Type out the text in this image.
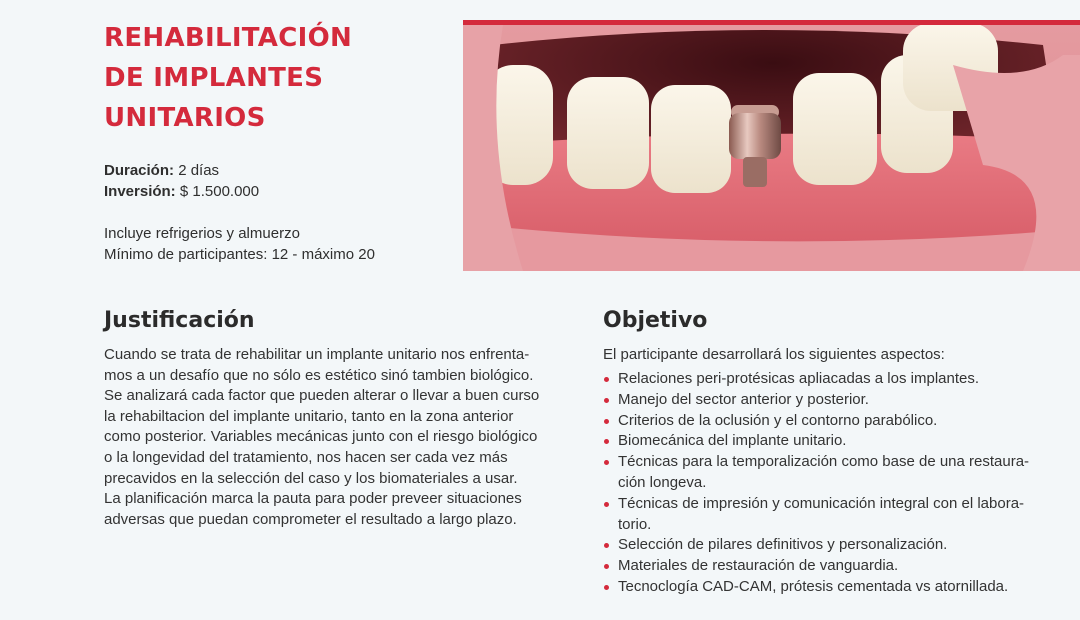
REHABILITACIÓN
DE IMPLANTES
UNITARIOS
Duración: 2 días
Inversión: $ 1.500.000
Incluye refrigerios y almuerzo
Mínimo de participantes: 12 - máximo 20
Justificación
Cuando se trata de rehabilitar un implante unitario nos enfrenta-
mos a un desafío que no sólo es estético sinó tambien biológico.
Se analizará cada factor que pueden alterar o llevar a buen curso
la rehabiltacion del implante unitario, tanto en la zona anterior
como posterior. Variables mecánicas junto con el riesgo biológico
o la longevidad del tratamiento, nos hacen ser cada vez más
precavidos en la selección del caso y los biomateriales a usar.
La planificación marca la pauta para poder preveer situaciones
adversas que puedan comprometer el resultado a largo plazo.
Objetivo
El participante desarrollará los siguientes aspectos:
Relaciones peri-protésicas apliacadas a los implantes.
Manejo del sector anterior y posterior.
Criterios de la oclusión y el contorno parabólico.
Biomecánica del implante unitario.
Técnicas para la temporalización como base de una restaura-
ción longeva.
Técnicas de impresión y comunicación integral con el labora-
torio.
Selección de pilares definitivos y personalización.
Materiales de restauración de vanguardia.
Tecnoclogía CAD-CAM, prótesis cementada vs atornillada.
